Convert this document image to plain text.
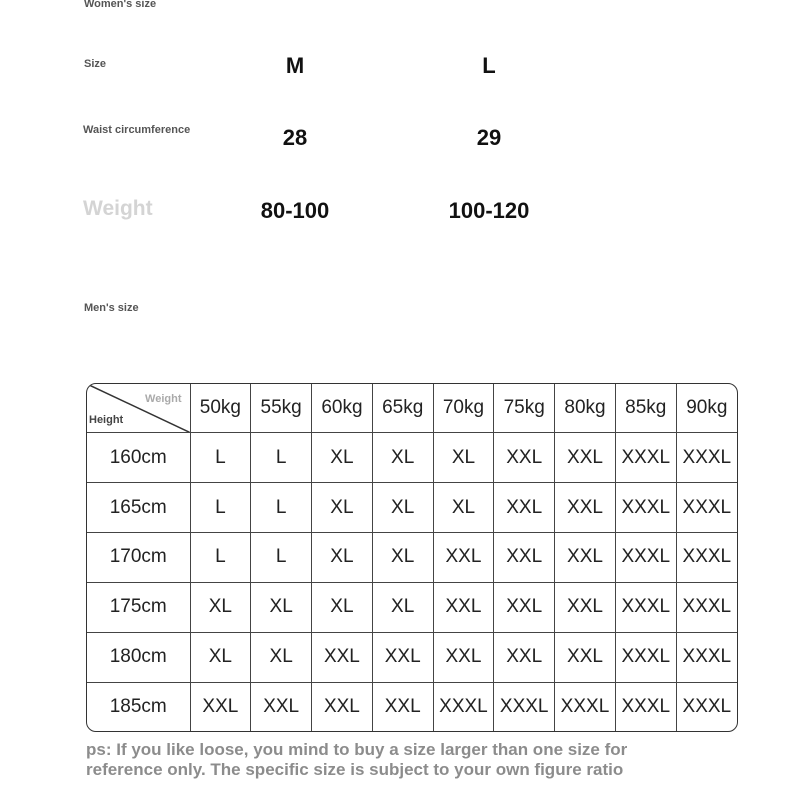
Women's size
Size	M	L
Waist circumference	28	29
Weight	80-100	100-120
Men's size
Weight
Height	50kg	55kg	60kg	65kg	70kg	75kg	80kg	85kg	90kg
160cm	L	L	XL	XL	XL	XXL	XXL	XXXL	XXXL
165cm	L	L	XL	XL	XL	XXL	XXL	XXXL	XXXL
170cm	L	L	XL	XL	XXL	XXL	XXL	XXXL	XXXL
175cm	XL	XL	XL	XL	XXL	XXL	XXL	XXXL	XXXL
180cm	XL	XL	XXL	XXL	XXL	XXL	XXL	XXXL	XXXL
185cm	XXL	XXL	XXL	XXL	XXXL	XXXL	XXXL	XXXL	XXXL
ps: If you like loose, you mind to buy a size larger than one size for reference only. The specific size is subject to your own figure ratio
